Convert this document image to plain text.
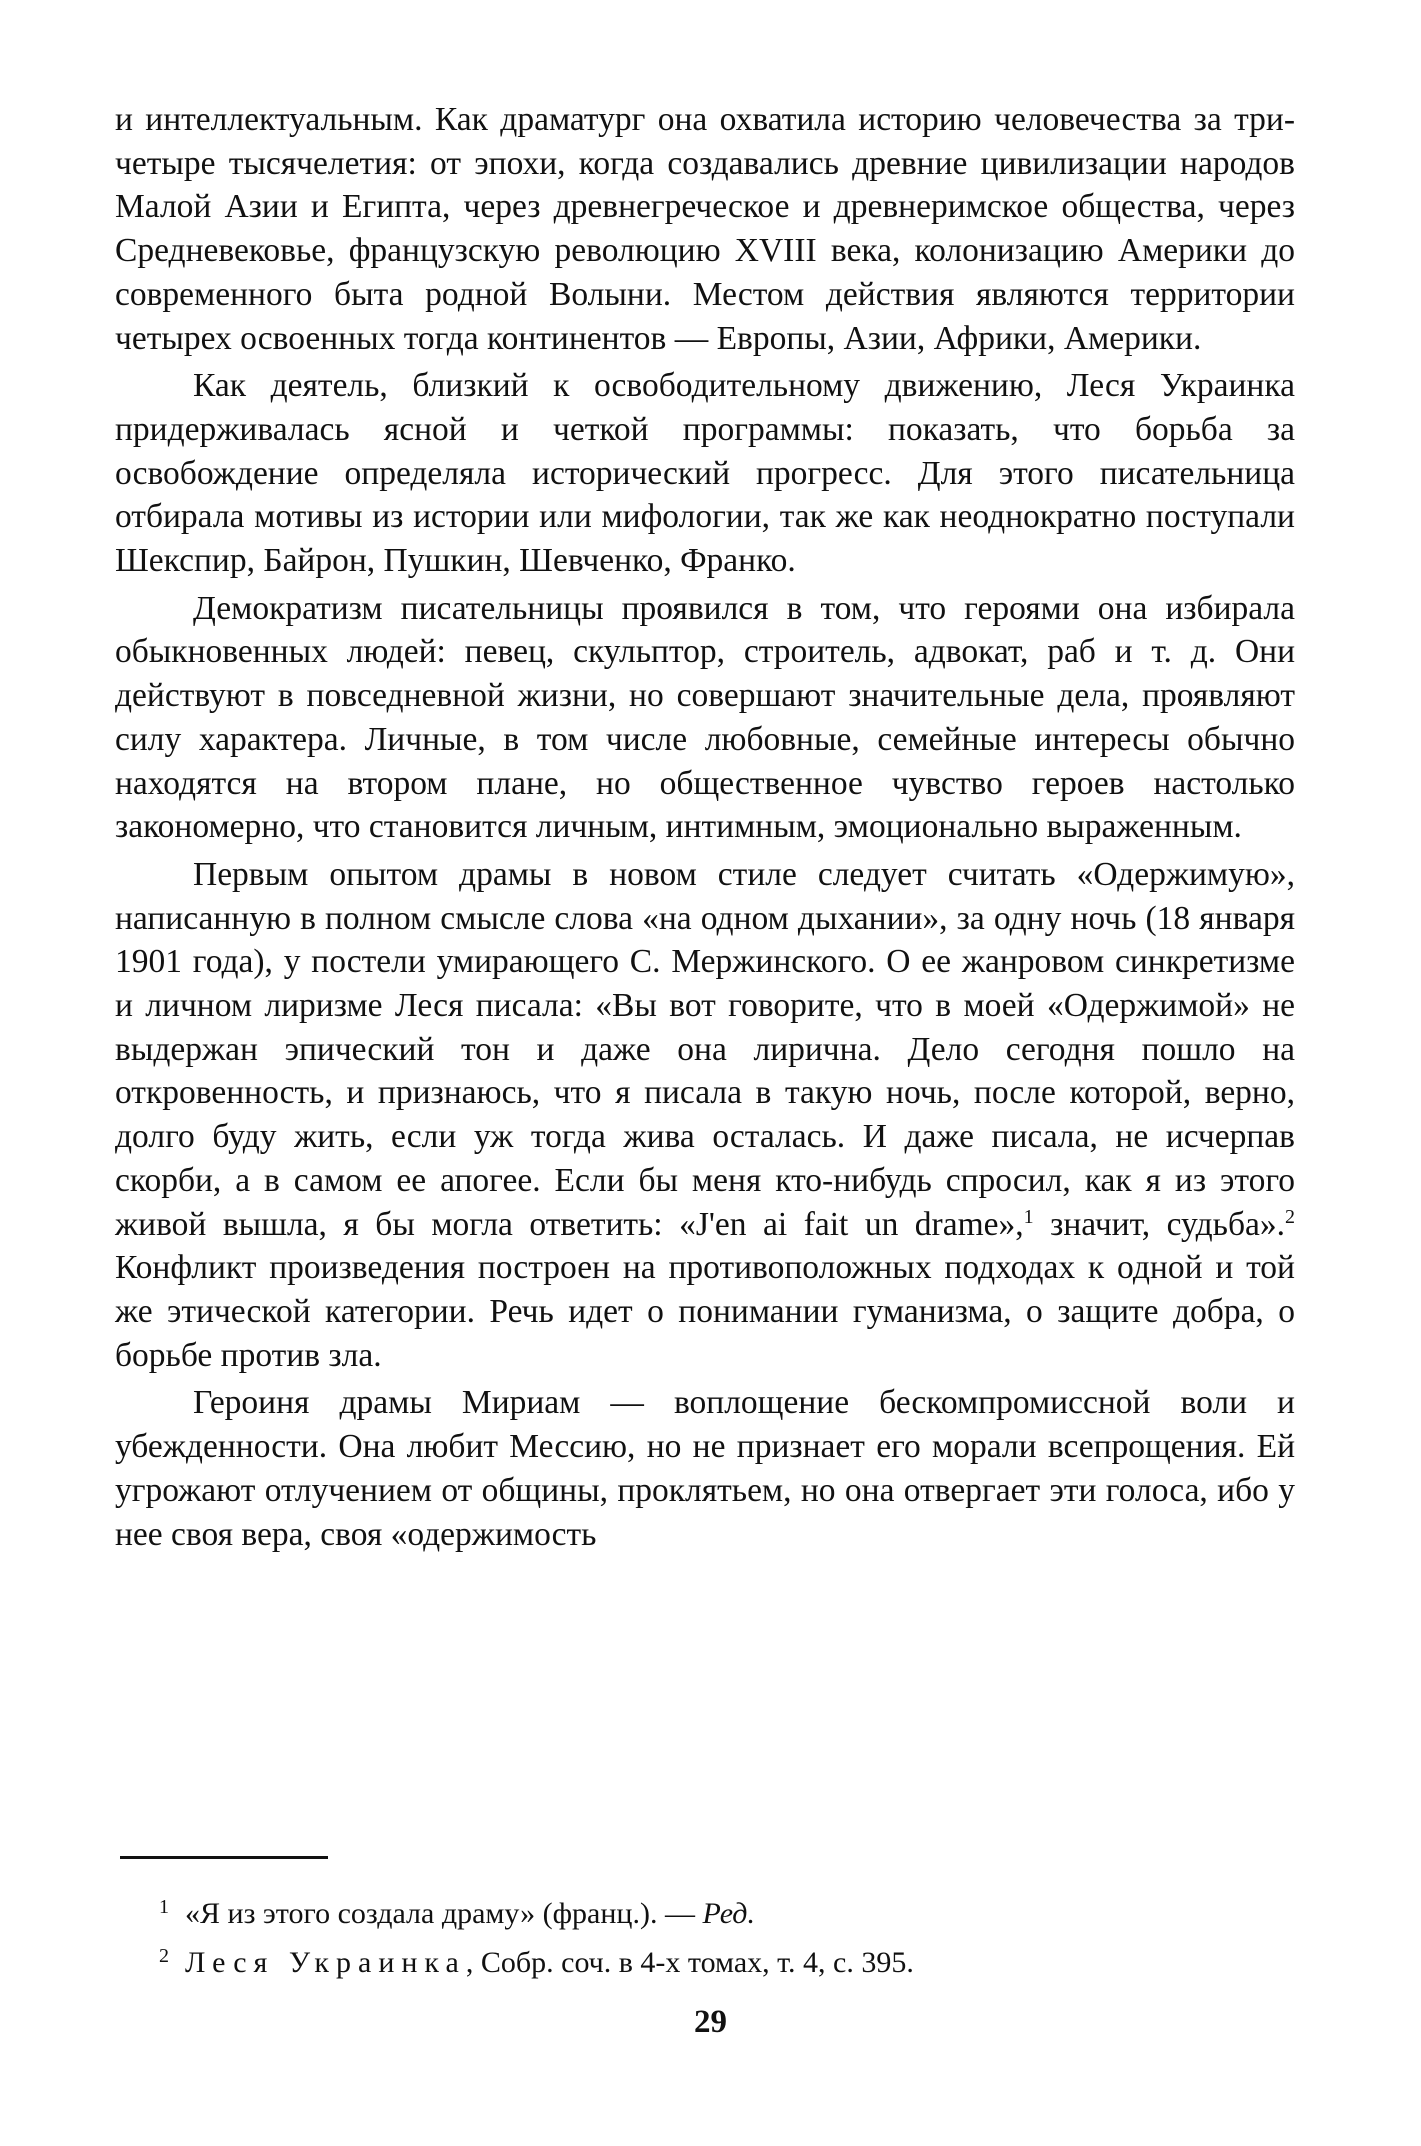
и интеллектуальным. Как драматург она охватила историю человечества за три-четыре тысячелетия: от эпохи, когда создавались древние цивилизации народов Малой Азии и Египта, через древнегреческое и древнеримское общества, через Средневековье, французскую революцию XVIII века, колонизацию Америки до современного быта родной Волыни. Местом действия являются территории четырех освоенных тогда континентов — Европы, Азии, Африки, Америки.

Как деятель, близкий к освободительному движению, Леся Украинка придерживалась ясной и четкой программы: показать, что борьба за освобождение определяла исторический прогресс. Для этого писательница отбирала мотивы из истории или мифологии, так же как неоднократно поступали Шекспир, Байрон, Пушкин, Шевченко, Франко.

Демократизм писательницы проявился в том, что героями она избирала обыкновенных людей: певец, скульптор, строитель, адвокат, раб и т. д. Они действуют в повседневной жизни, но совершают значительные дела, проявляют силу характера. Личные, в том числе любовные, семейные интересы обычно находятся на втором плане, но общественное чувство героев настолько закономерно, что становится личным, интимным, эмоционально выраженным.

Первым опытом драмы в новом стиле следует считать «Одержимую», написанную в полном смысле слова «на одном дыхании», за одну ночь (18 января 1901 года), у постели умирающего С. Мержинского. О ее жанровом синкретизме и личном лиризме Леся писала: «Вы вот говорите, что в моей «Одержимой» не выдержан эпический тон и даже она лирична. Дело сегодня пошло на откровенность, и признаюсь, что я писала в такую ночь, после которой, верно, долго буду жить, если уж тогда жива осталась. И даже писала, не исчерпав скорби, а в самом ее апогее. Если бы меня кто-нибудь спросил, как я из этого живой вышла, я бы могла ответить: «J'en ai fait un drame»,$^1$ значит, судьба».$^2$ Конфликт произведения построен на противоположных подходах к одной и той же этической категории. Речь идет о понимании гуманизма, о защите добра, о борьбе против зла.

Героиня драмы Мириам — воплощение бескомпромиссной воли и убежденности. Она любит Мессию, но не признает его морали всепрощения. Ей угрожают отлучением от общины, проклятьем, но она отвергает эти голоса, ибо у нее своя вера, своя «одержимость

1 «Я из этого создала драму» (франц.). — Ред.

2 Леся Украинка, Собр. соч. в 4-х томах, т. 4, с. 395.

29
